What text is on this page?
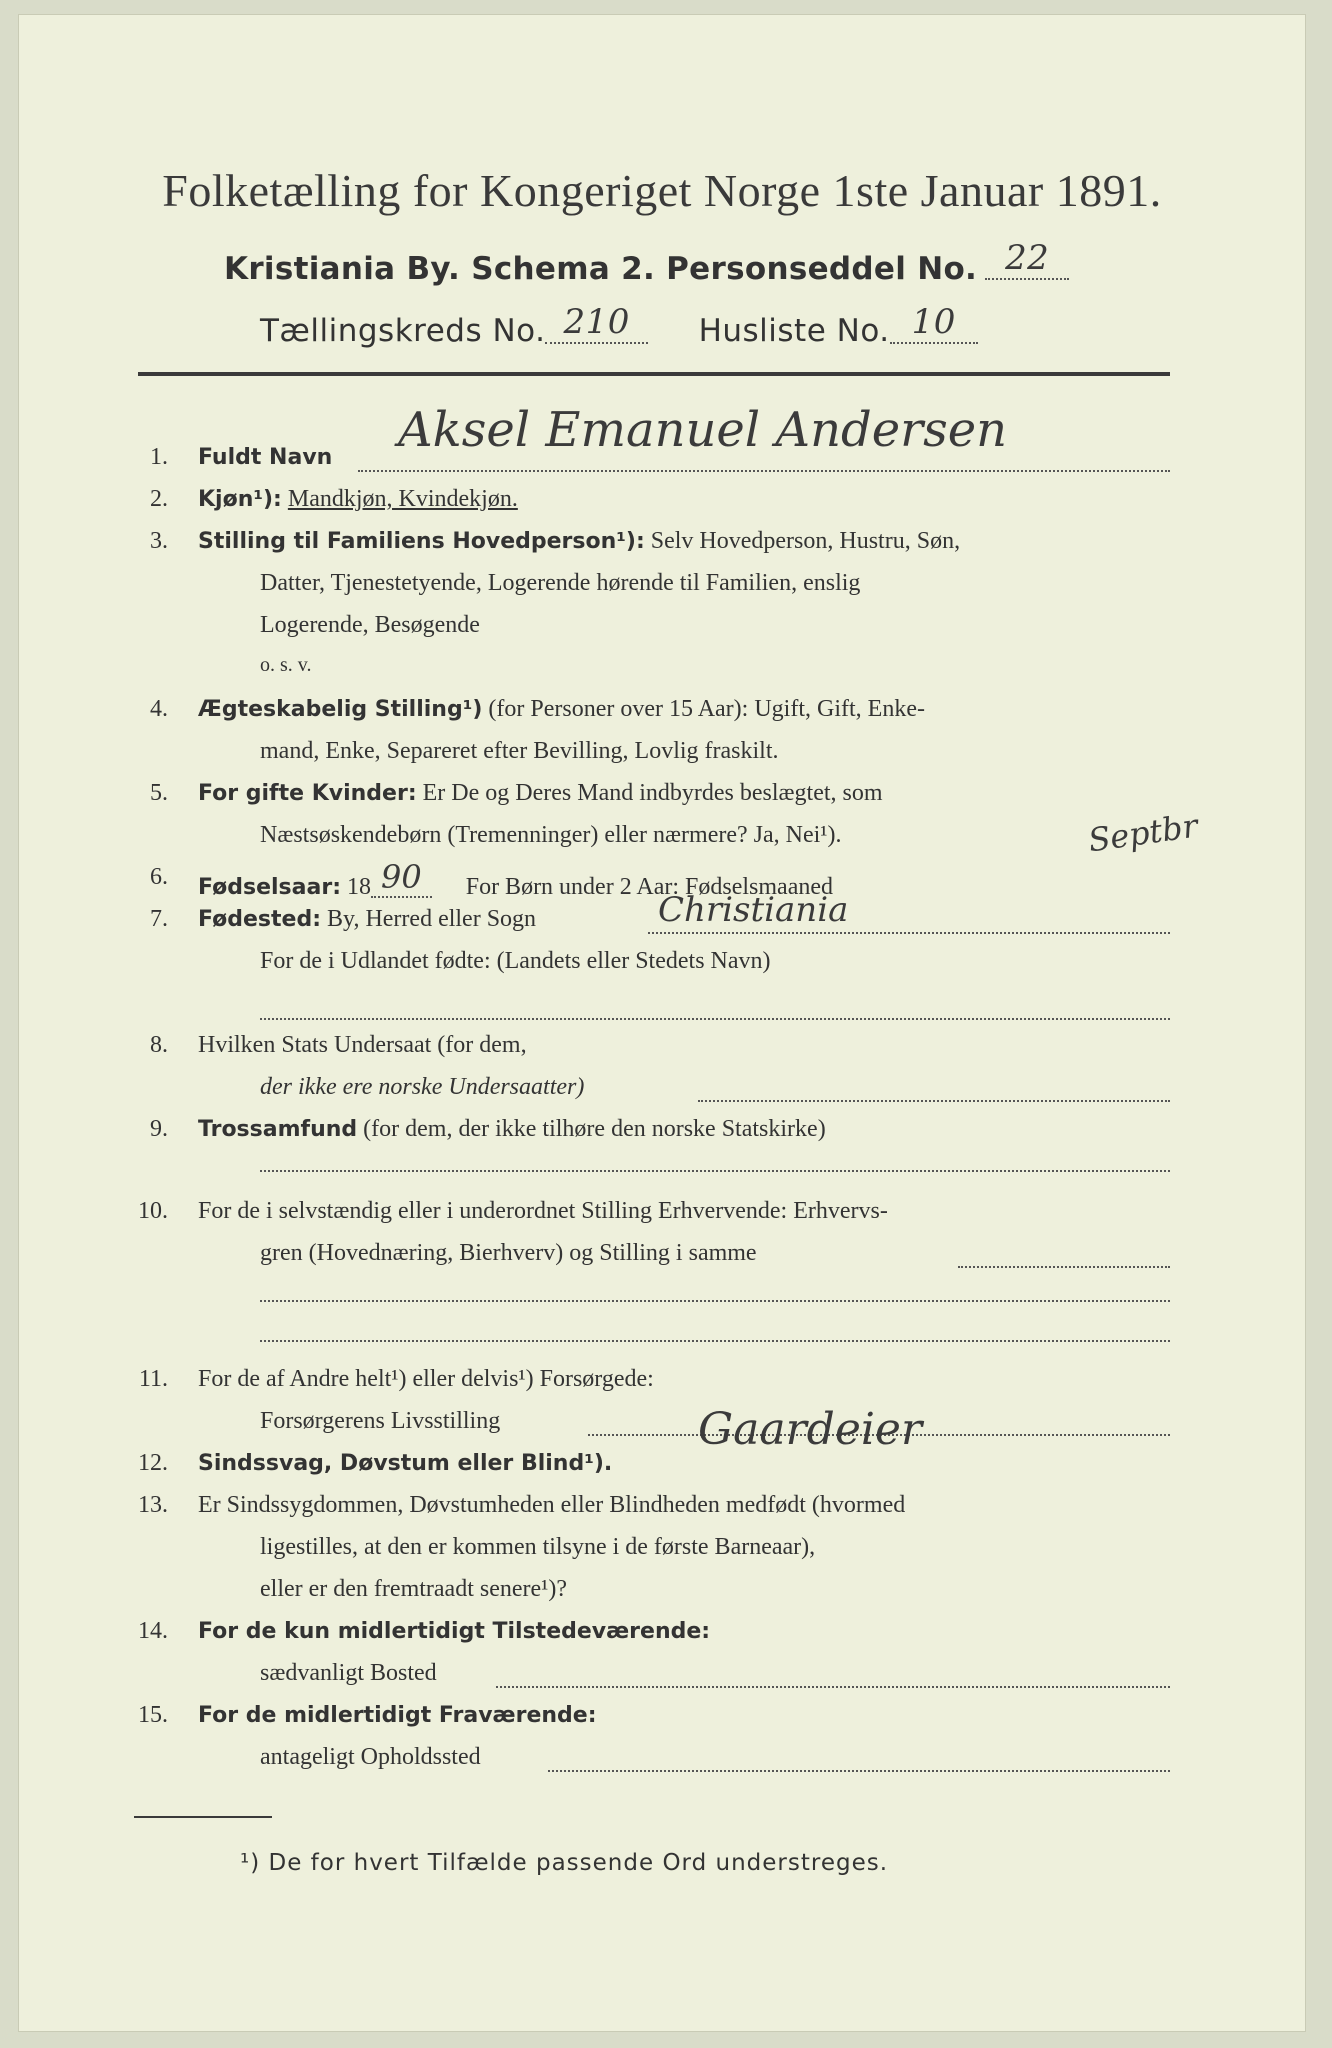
Folketælling for Kongeriget Norge 1ste Januar 1891.
Kristiania By. Schema 2. Personseddel No. 22
Tællingskreds No. 210 Husliste No. 10
1. Fuldt Navn Aksel Emanuel Andersen
2. Kjøn¹): Mandkjøn, Kvindekjøn.
3. Stilling til Familiens Hovedperson¹): Selv Hovedperson, Hustru, Søn,
Datter, Tjenestetyende, Logerende hørende til Familien, enslig
Logerende, Besøgende
o. s. v.
4. Ægteskabelig Stilling¹) (for Personer over 15 Aar): Ugift, Gift, Enke-
mand, Enke, Separeret efter Bevilling, Lovlig fraskilt.
5. For gifte Kvinder: Er De og Deres Mand indbyrdes beslægtet, som
Næstsøskendebørn (Tremenninger) eller nærmere? Ja, Nei¹).
6. Fødselsaar: 18 90 For Børn under 2 Aar: Fødselsmaaned
Septbr
7. Fødested: By, Herred eller Sogn	Christiania
For de i Udlandet fødte: (Landets eller Stedets Navn)
8. Hvilken Stats Undersaat (for dem,
der ikke ere norske Undersaatter)
9. Trossamfund (for dem, der ikke tilhøre den norske Statskirke)
10. For de i selvstændig eller i underordnet Stilling Erhvervende: Erhvervs-
gren (Hovednæring, Bierhverv) og Stilling i samme
11. For de af Andre helt¹) eller delvis¹) Forsørgede:
Forsørgerens Livsstilling	Gaardeier
12. Sindssvag, Døvstum eller Blind¹).
13. Er Sindssygdommen, Døvstumheden eller Blindheden medfødt (hvormed
ligestilles, at den er kommen tilsyne i de første Barneaar),
eller er den fremtraadt senere¹)?
14. For de kun midlertidigt Tilstedeværende:
sædvanligt Bosted
15. For de midlertidigt Fraværende:
antageligt Opholdssted
¹) De for hvert Tilfælde passende Ord understreges.
